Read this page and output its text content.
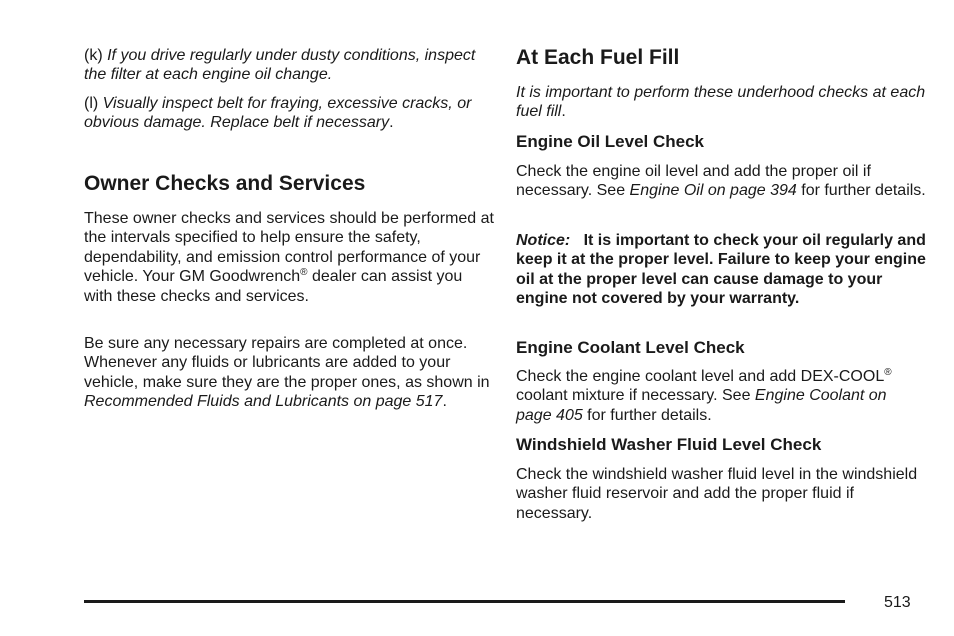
(k) If you drive regularly under dusty conditions, inspect the filter at each engine oil change.

(l) Visually inspect belt for fraying, excessive cracks, or obvious damage. Replace belt if necessary.

Owner Checks and Services

These owner checks and services should be performed at the intervals specified to help ensure the safety, dependability, and emission control performance of your vehicle. Your GM Goodwrench® dealer can assist you with these checks and services.

Be sure any necessary repairs are completed at once. Whenever any fluids or lubricants are added to your vehicle, make sure they are the proper ones, as shown in Recommended Fluids and Lubricants on page 517.

At Each Fuel Fill

It is important to perform these underhood checks at each fuel fill.

Engine Oil Level Check

Check the engine oil level and add the proper oil if necessary. See Engine Oil on page 394 for further details.

Notice: It is important to check your oil regularly and keep it at the proper level. Failure to keep your engine oil at the proper level can cause damage to your engine not covered by your warranty.

Engine Coolant Level Check

Check the engine coolant level and add DEX-COOL® coolant mixture if necessary. See Engine Coolant on page 405 for further details.

Windshield Washer Fluid Level Check

Check the windshield washer fluid level in the windshield washer fluid reservoir and add the proper fluid if necessary.

513
